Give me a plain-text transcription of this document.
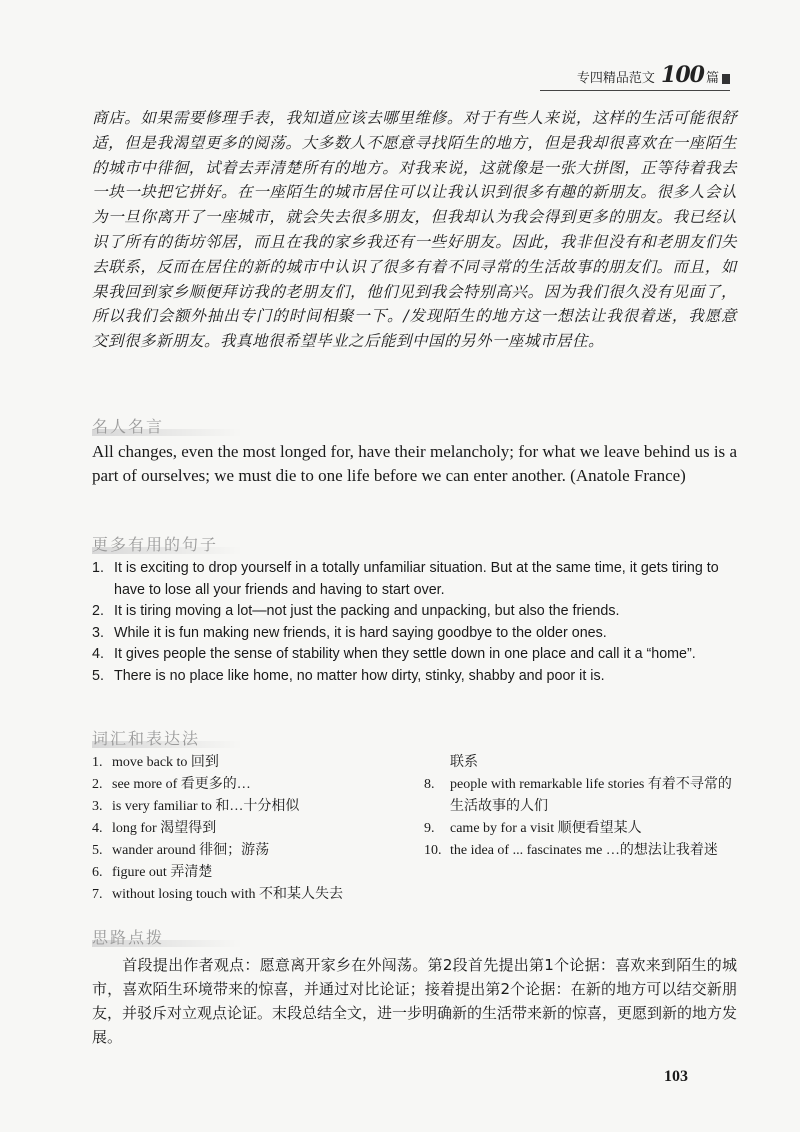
专四精品范文 100 篇
商店。如果需要修理手表，我知道应该去哪里维修。对于有些人来说，这样的生活可能很舒适，但是我渴望更多的阅荡。大多数人不愿意寻找陌生的地方，但是我却很喜欢在一座陌生的城市中徘徊，试着去弄清楚所有的地方。对我来说，这就像是一张大拼图，正等待着我去一块一块把它拼好。在一座陌生的城市居住可以让我认识到很多有趣的新朋友。很多人会认为一旦你离开了一座城市，就会失去很多朋友，但我却认为我会得到更多的朋友。我已经认识了所有的街坊邻居，而且在我的家乡我还有一些好朋友。因此，我非但没有和老朋友们失去联系，反而在居住的新的城市中认识了很多有着不同寻常的生活故事的朋友们。而且，如果我回到家乡顺便拜访我的老朋友们，他们见到我会特别高兴。因为我们很久没有见面了，所以我们会额外抽出专门的时间相聚一下。/发现陌生的地方这一想法让我很着迷，我愿意交到很多新朋友。我真地很希望毕业之后能到中国的另外一座城市居住。
名人名言
All changes, even the most longed for, have their melancholy; for what we leave behind us is a part of ourselves; we must die to one life before we can enter another. (Anatole France)
更多有用的句子
1. It is exciting to drop yourself in a totally unfamiliar situation. But at the same time, it gets tiring to have to lose all your friends and having to start over.
2. It is tiring moving a lot—not just the packing and unpacking, but also the friends.
3. While it is fun making new friends, it is hard saying goodbye to the older ones.
4. It gives people the sense of stability when they settle down in one place and call it a “home”.
5. There is no place like home, no matter how dirty, stinky, shabby and poor it is.
词汇和表达法
1. move back to 回到
2. see more of 看更多的…
3. is very familiar to 和…十分相似
4. long for 渴望得到
5. wander around 徘徊；游荡
6. figure out 弄清楚
7. without losing touch with 不和某人失去
联系
8. people with remarkable life stories 有着不寻常的生活故事的人们
9. came by for a visit 顺便看望某人
10. the idea of ... fascinates me …的想法让我着迷
思路点拨
首段提出作者观点：愿意离开家乡在外闯荡。第2段首先提出第1个论据：喜欢来到陌生的城市，喜欢陌生环境带来的惊喜，并通过对比论证；接着提出第2个论据：在新的地方可以结交新朋友，并驳斥对立观点论证。末段总结全文，进一步明确新的生活带来新的惊喜，更愿到新的地方发展。
103
